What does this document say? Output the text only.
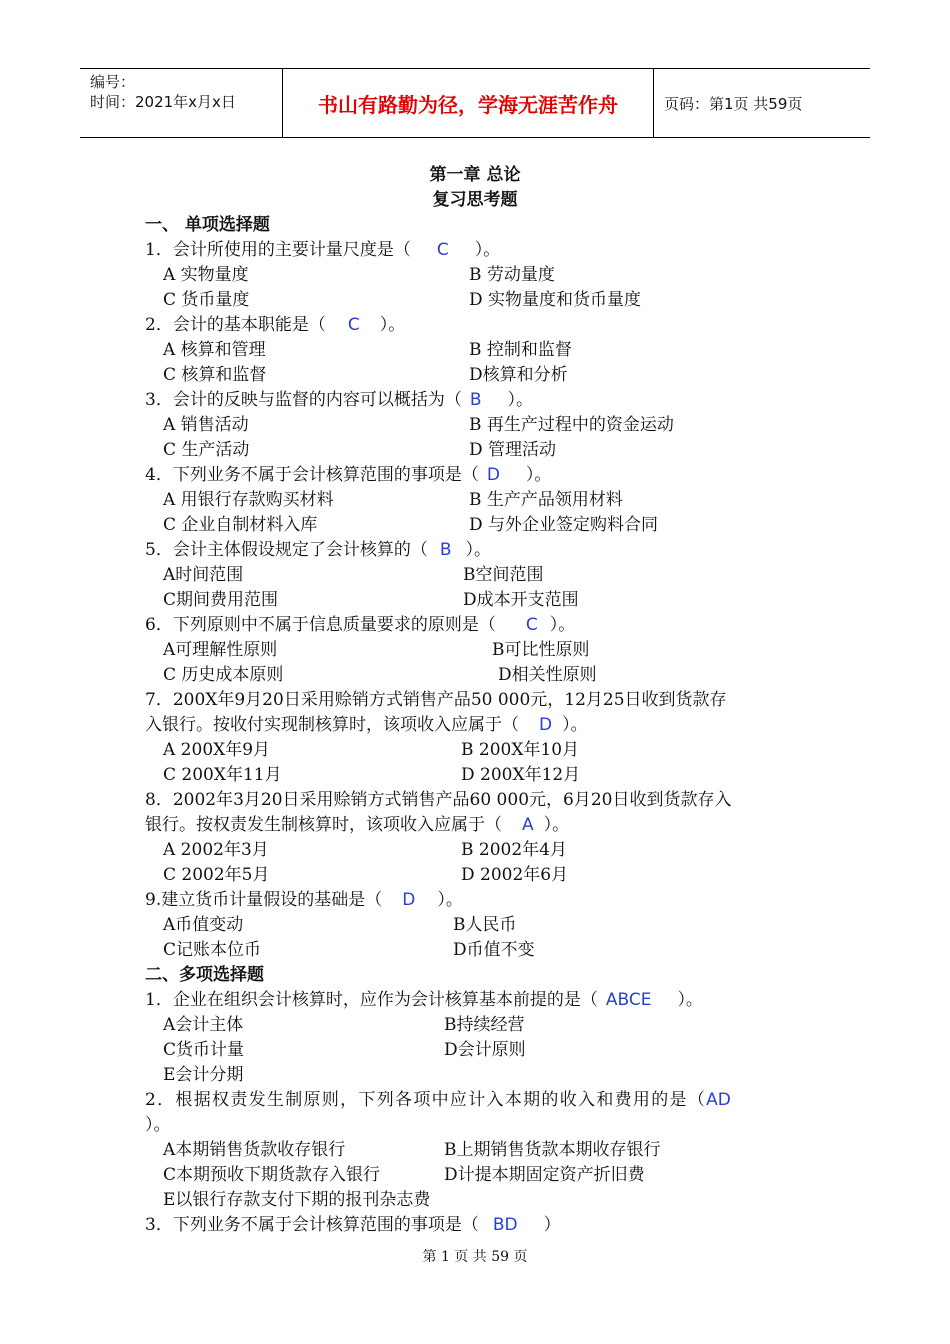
编号：
时间：2021年x月x日	书山有路勤为径，学海无涯苦作舟	页码：第1页 共59页
第一章 总论
复习思考题
一、 单项选择题
1．会计所使用的主要计量尺度是（ C ）。
A 实物量度	B 劳动量度
C 货币量度	D 实物量度和货币量度
2．会计的基本职能是（ C ）。
A 核算和管理	B 控制和监督
C 核算和监督	D核算和分析
3．会计的反映与监督的内容可以概括为（ B ）。
A 销售活动	B 再生产过程中的资金运动
C 生产活动	D 管理活动
4．下列业务不属于会计核算范围的事项是（ D ）。
A 用银行存款购买材料	B 生产产品领用材料
C 企业自制材料入库	D 与外企业签定购料合同
5．会计主体假设规定了会计核算的（ B ）。
A时间范围	B空间范围
C期间费用范围	D成本开支范围
6．下列原则中不属于信息质量要求的原则是（ C ）。
A可理解性原则	B可比性原则
C 历史成本原则	D相关性原则
7．200X年9月20日采用赊销方式销售产品50 000元，12月25日收到货款存
入银行。按收付实现制核算时，该项收入应属于（ D ）。
A 200X年9月	B 200X年10月
C 200X年11月	D 200X年12月
8．2002年3月20日采用赊销方式销售产品60 000元，6月20日收到货款存入
银行。按权责发生制核算时，该项收入应属于（ A ）。
A 2002年3月	B 2002年4月
C 2002年5月	D 2002年6月
9.建立货币计量假设的基础是（ D ）。
A币值变动	B人民币
C记账本位币	D币值不变
二、多项选择题
1．企业在组织会计核算时，应作为会计核算基本前提的是（ ABCE ）。
A会计主体	B持续经营
C货币计量	D会计原则
E会计分期
2．根据权责发生制原则，下列各项中应计入本期的收入和费用的是（AD
）。
A本期销售货款收存银行	B上期销售货款本期收存银行
C本期预收下期货款存入银行	D计提本期固定资产折旧费
E以银行存款支付下期的报刊杂志费
3．下列业务不属于会计核算范围的事项是（ BD ）
第 1 页 共 59 页
